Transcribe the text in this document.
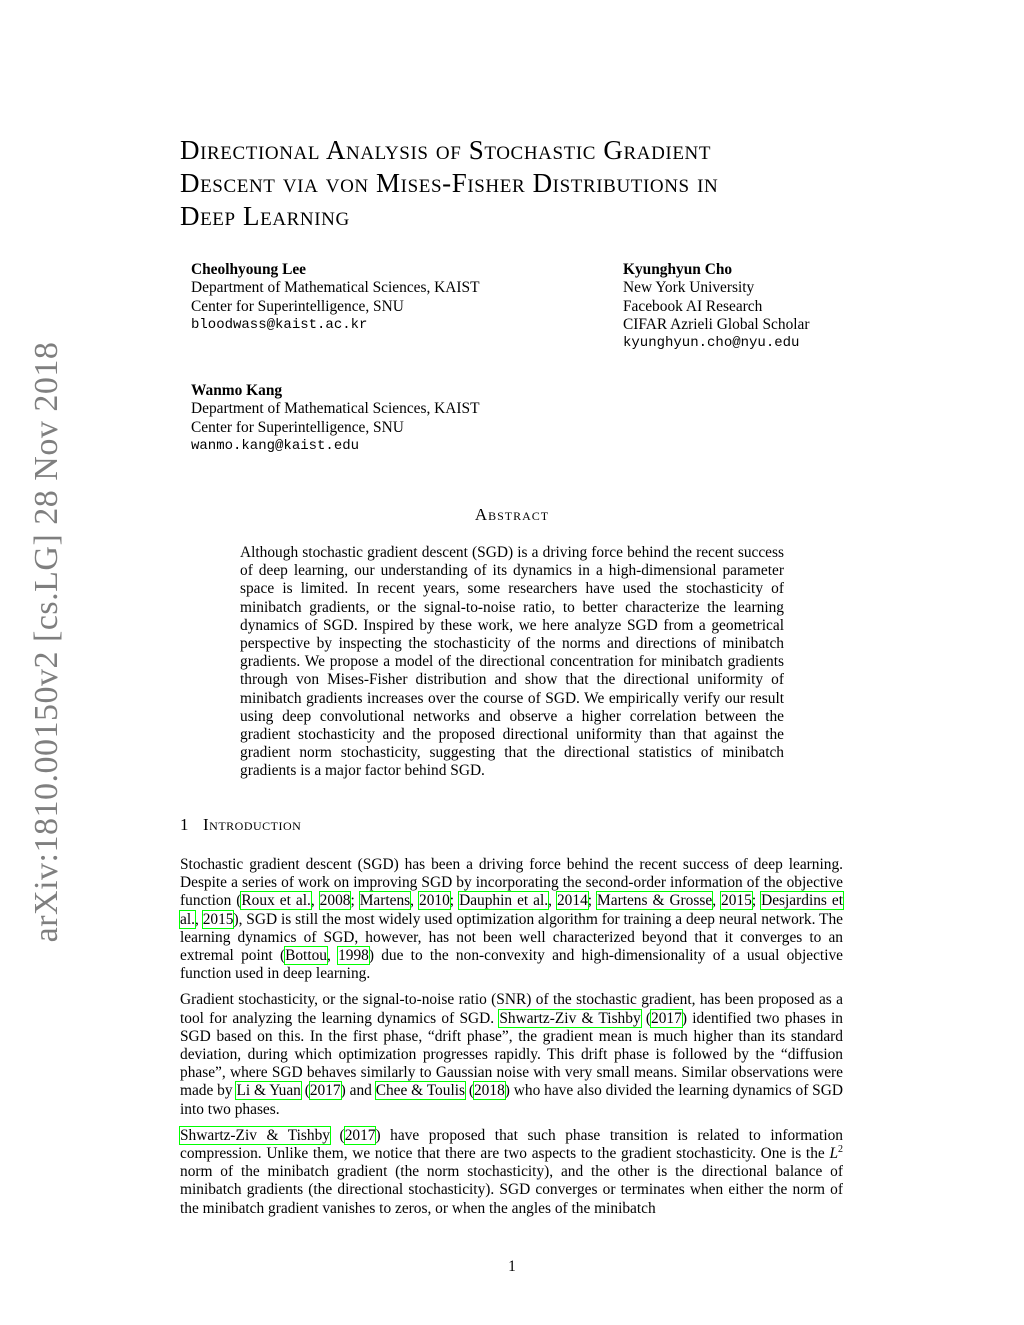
arXiv:1810.00150v2 [cs.LG] 28 Nov 2018
Directional Analysis of Stochastic Gradient
Descent via von Mises-Fisher Distributions in
Deep Learning
Cheolhyoung Lee
Department of Mathematical Sciences, KAIST
Center for Superintelligence, SNU
bloodwass@kaist.ac.kr
Kyunghyun Cho
New York University
Facebook AI Research
CIFAR Azrieli Global Scholar
kyunghyun.cho@nyu.edu
Wanmo Kang
Department of Mathematical Sciences, KAIST
Center for Superintelligence, SNU
wanmo.kang@kaist.edu
Abstract
Although stochastic gradient descent (SGD) is a driving force behind the recent success of deep learning, our understanding of its dynamics in a high-dimensional parameter space is limited. In recent years, some researchers have used the stochasticity of minibatch gradients, or the signal-to-noise ratio, to better characterize the learning dynamics of SGD. Inspired by these work, we here analyze SGD from a geometrical perspective by inspecting the stochasticity of the norms and directions of minibatch gradients. We propose a model of the directional concentration for minibatch gradients through von Mises-Fisher distribution and show that the directional uniformity of minibatch gradients increases over the course of SGD. We empirically verify our result using deep convolutional networks and observe a higher correlation between the gradient stochasticity and the proposed directional uniformity than that against the gradient norm stochasticity, suggesting that the directional statistics of minibatch gradients is a major factor behind SGD.
1 Introduction

Stochastic gradient descent (SGD) has been a driving force behind the recent success of deep learning. Despite a series of work on improving SGD by incorporating the second-order information of the objective function (Roux et al., 2008; Martens, 2010; Dauphin et al., 2014; Martens & Grosse, 2015; Desjardins et al., 2015), SGD is still the most widely used optimization algorithm for training a deep neural network. The learning dynamics of SGD, however, has not been well characterized beyond that it converges to an extremal point (Bottou, 1998) due to the non-convexity and high-dimensionality of a usual objective function used in deep learning.

Gradient stochasticity, or the signal-to-noise ratio (SNR) of the stochastic gradient, has been proposed as a tool for analyzing the learning dynamics of SGD. Shwartz-Ziv & Tishby (2017) identified two phases in SGD based on this. In the first phase, “drift phase”, the gradient mean is much higher than its standard deviation, during which optimization progresses rapidly. This drift phase is followed by the “diffusion phase”, where SGD behaves similarly to Gaussian noise with very small means. Similar observations were made by Li & Yuan (2017) and Chee & Toulis (2018) who have also divided the learning dynamics of SGD into two phases.

Shwartz-Ziv & Tishby (2017) have proposed that such phase transition is related to information compression. Unlike them, we notice that there are two aspects to the gradient stochasticity. One is the $L^2$ norm of the minibatch gradient (the norm stochasticity), and the other is the directional balance of minibatch gradients (the directional stochasticity). SGD converges or terminates when either the norm of the minibatch gradient vanishes to zeros, or when the angles of the minibatch

1
